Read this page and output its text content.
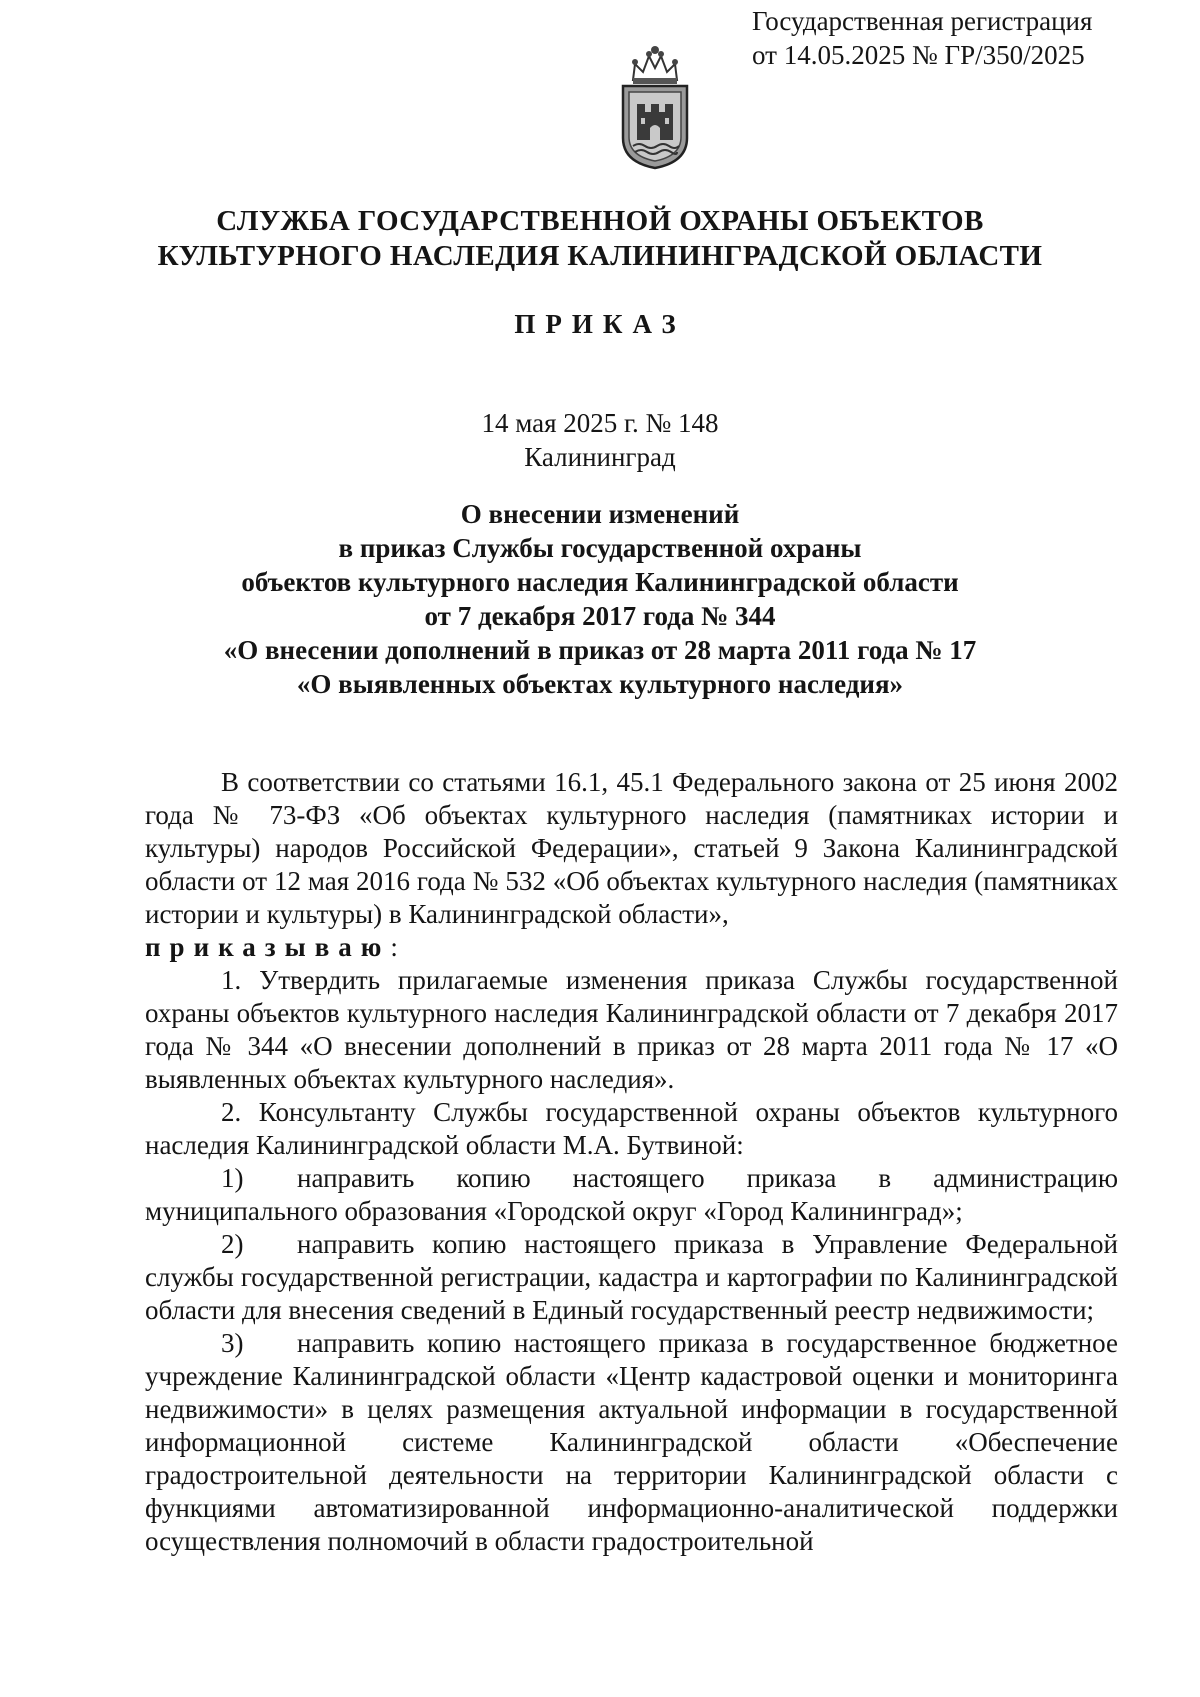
Государственная регистрация
от 14.05.2025 № ГР/350/2025
СЛУЖБА ГОСУДАРСТВЕННОЙ ОХРАНЫ ОБЪЕКТОВ
КУЛЬТУРНОГО НАСЛЕДИЯ КАЛИНИНГРАДСКОЙ ОБЛАСТИ
ПРИКАЗ
14 мая 2025 г. № 148
Калининград
О внесении изменений
в приказ Службы государственной охраны
объектов культурного наследия Калининградской области
от 7 декабря 2017 года № 344
«О внесении дополнений в приказ от 28 марта 2011 года № 17
«О выявленных объектах культурного наследия»

В соответствии со статьями 16.1, 45.1 Федерального закона от 25 июня 2002 года № 73-ФЗ «Об объектах культурного наследия (памятниках истории и культуры) народов Российской Федерации», статьей 9 Закона Калининградской области от 12 мая 2016 года № 532 «Об объектах культурного наследия (памятниках истории и культуры) в Калининградской области»,
приказываю:

1. Утвердить прилагаемые изменения приказа Службы государственной охраны объектов культурного наследия Калининградской области от 7 декабря 2017 года № 344 «О внесении дополнений в приказ от 28 марта 2011 года № 17 «О выявленных объектах культурного наследия».

2. Консультанту Службы государственной охраны объектов культурного наследия Калининградской области М.А. Бутвиной:

1) направить копию настоящего приказа в администрацию муниципального образования «Городской округ «Город Калининград»;

2) направить копию настоящего приказа в Управление Федеральной службы государственной регистрации, кадастра и картографии по Калининградской области для внесения сведений в Единый государственный реестр недвижимости;

3) направить копию настоящего приказа в государственное бюджетное учреждение Калининградской области «Центр кадастровой оценки и мониторинга недвижимости» в целях размещения актуальной информации в государственной информационной системе Калининградской области «Обеспечение градостроительной деятельности на территории Калининградской области с функциями автоматизированной информационно-аналитической поддержки осуществления полномочий в области градостроительной
